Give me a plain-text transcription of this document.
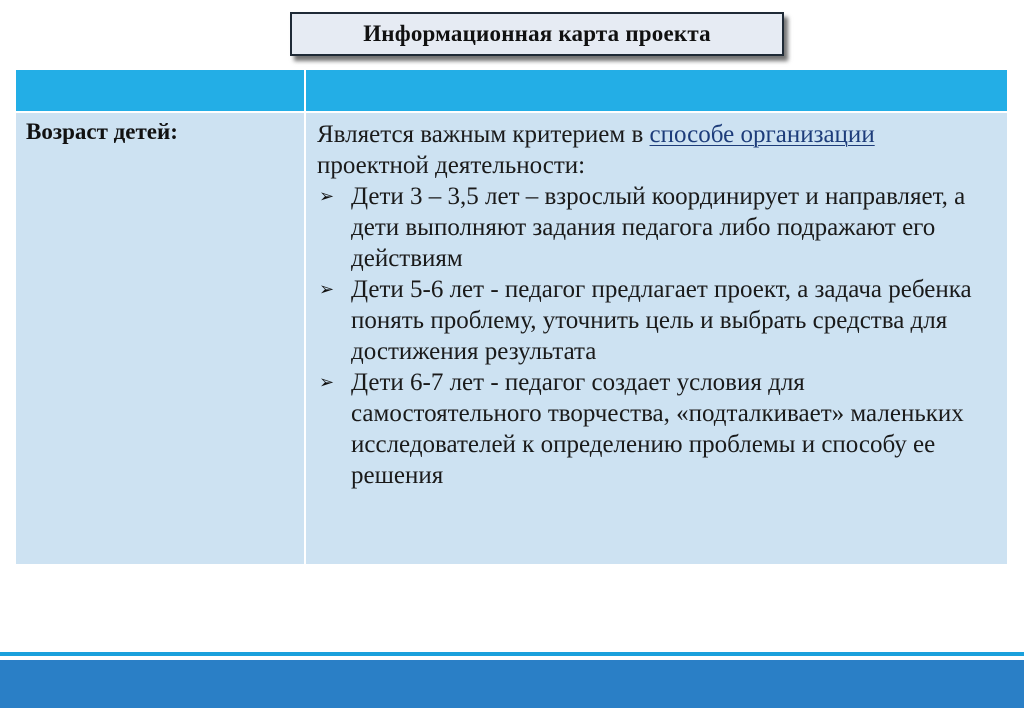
Информационная карта проекта
Возраст детей:	Является важным критерием в способе организации проектной деятельности:
➢ Дети 3 – 3,5 лет – взрослый координирует и направляет, а дети выполняют задания педагога либо подражают его действиям
➢ Дети 5-6 лет - педагог предлагает проект, а задача ребенка понять проблему, уточнить цель и выбрать средства для достижения результата
➢ Дети 6-7 лет - педагог создает условия для самостоятельного творчества, «подталкивает» маленьких исследователей к определению проблемы и способу ее решения
